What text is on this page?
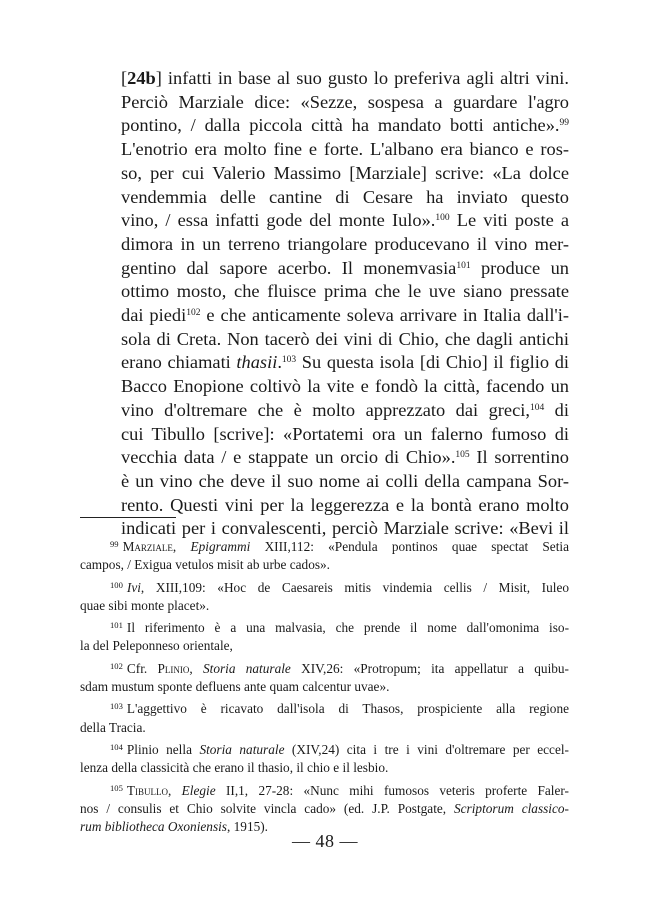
[24b] infatti in base al suo gusto lo preferiva agli altri vini.
Perciò Marziale dice: «Sezze, sospesa a guardare l'agro
pontino, / dalla piccola città ha mandato botti antiche».$^{99}$
L'enotrio era molto fine e forte. L'albano era bianco e ros-
so, per cui Valerio Massimo [Marziale] scrive: «La dolce
vendemmia delle cantine di Cesare ha inviato questo
vino, / essa infatti gode del monte Iulo».$^{100}$ Le viti poste a
dimora in un terreno triangolare producevano il vino mer-
gentino dal sapore acerbo. Il monemvasia$^{101}$ produce un
ottimo mosto, che fluisce prima che le uve siano pressate
dai piedi$^{102}$ e che anticamente soleva arrivare in Italia dall'i-
sola di Creta. Non tacerò dei vini di Chio, che dagli antichi
erano chiamati thasii.$^{103}$ Su questa isola [di Chio] il figlio di
Bacco Enopione coltivò la vite e fondò la città, facendo un
vino d'oltremare che è molto apprezzato dai greci,$^{104}$ di
cui Tibullo [scrive]: «Portatemi ora un falerno fumoso di
vecchia data / e stappate un orcio di Chio».$^{105}$ Il sorrentino
è un vino che deve il suo nome ai colli della campana Sor-
rento. Questi vini per la leggerezza e la bontà erano molto
indicati per i convalescenti, perciò Marziale scrive: «Bevi il
$^{99}$ Marziale, Epigrammi XIII,112: «Pendula pontinos quae spectat Setia
campos, / Exigua vetulos misit ab urbe cados».
$^{100}$ Ivi, XIII,109: «Hoc de Caesareis mitis vindemia cellis / Misit, Iuleo
quae sibi monte placet».
$^{101}$ Il riferimento è a una malvasia, che prende il nome dall'omonima iso-
la del Peleponneso orientale,
$^{102}$ Cfr. Plinio, Storia naturale XIV,26: «Protropum; ita appellatur a quibu-
sdam mustum sponte defluens ante quam calcentur uvae».
$^{103}$ L'aggettivo è ricavato dall'isola di Thasos, prospiciente alla regione
della Tracia.
$^{104}$ Plinio nella Storia naturale (XIV,24) cita i tre i vini d'oltremare per eccel-
lenza della classicità che erano il thasio, il chio e il lesbio.
$^{105}$ Tibullo, Elegie II,1, 27-28: «Nunc mihi fumosos veteris proferte Faler-
nos / consulis et Chio solvite vincla cado» (ed. J.P. Postgate, Scriptorum classico-
rum bibliotheca Oxoniensis, 1915).
— 48 —
